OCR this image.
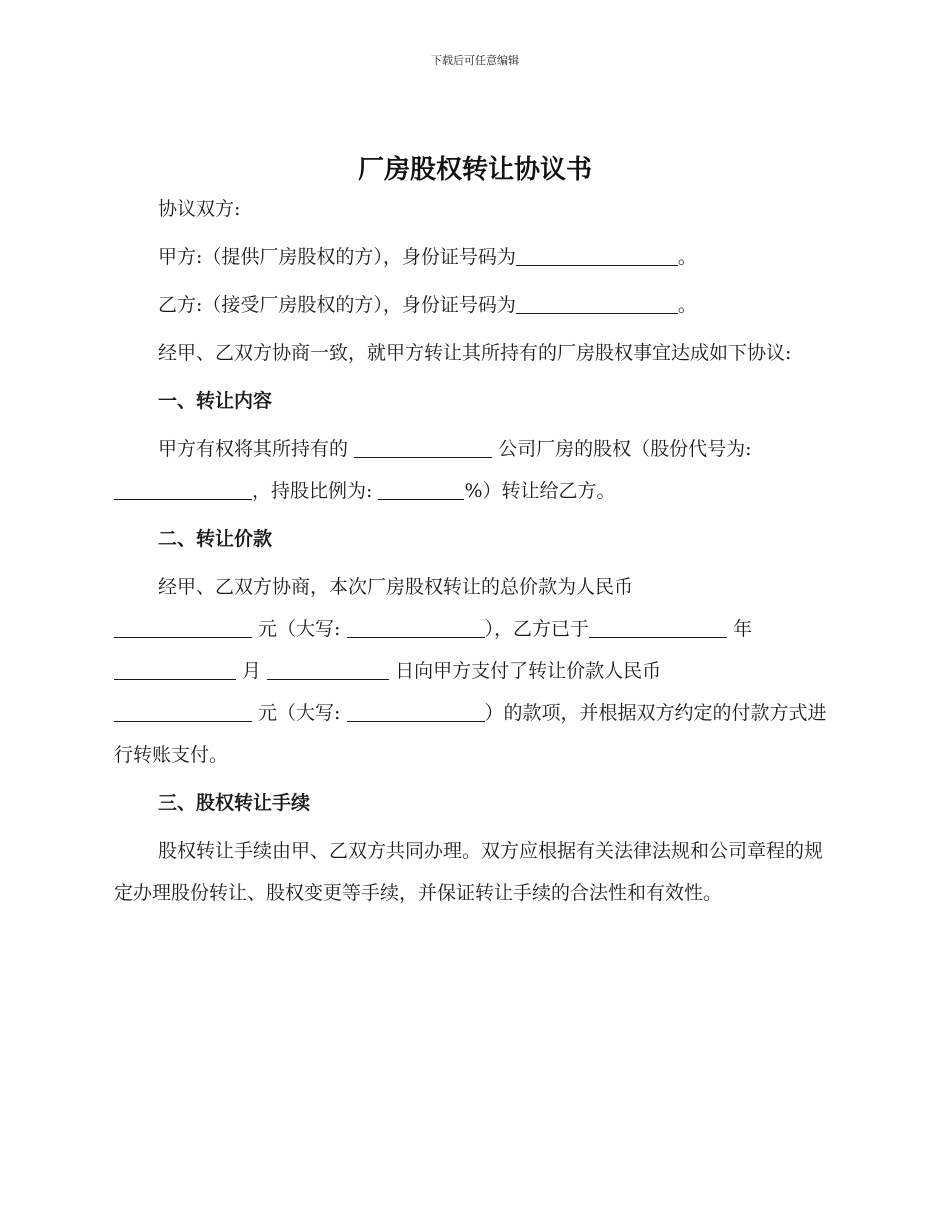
下载后可任意编辑
厂房股权转让协议书

协议双方:

甲方:（提供厂房股权的方），身份证号码为	。

乙方:（接受厂房股权的方），身份证号码为	。

经甲、乙双方协商一致，就甲方转让其所持有的厂房股权事宜达成如下协议:

一、转让内容

甲方有权将其所持有的	公司厂房的股权（股份代号为:
，持股比例为:	%）转让给乙方。

二、转让价款

经甲、乙双方协商，本次厂房股权转让的总价款为人民币
元（大写:	），乙方已于	年
月	日向甲方支付了转让价款人民币
元（大写:	）的款项，并根据双方约定的付款方式进行转账支付。

三、股权转让手续

股权转让手续由甲、乙双方共同办理。双方应根据有关法律法规和公司章程的规定办理股份转让、股权变更等手续，并保证转让手续的合法性和有效性。
